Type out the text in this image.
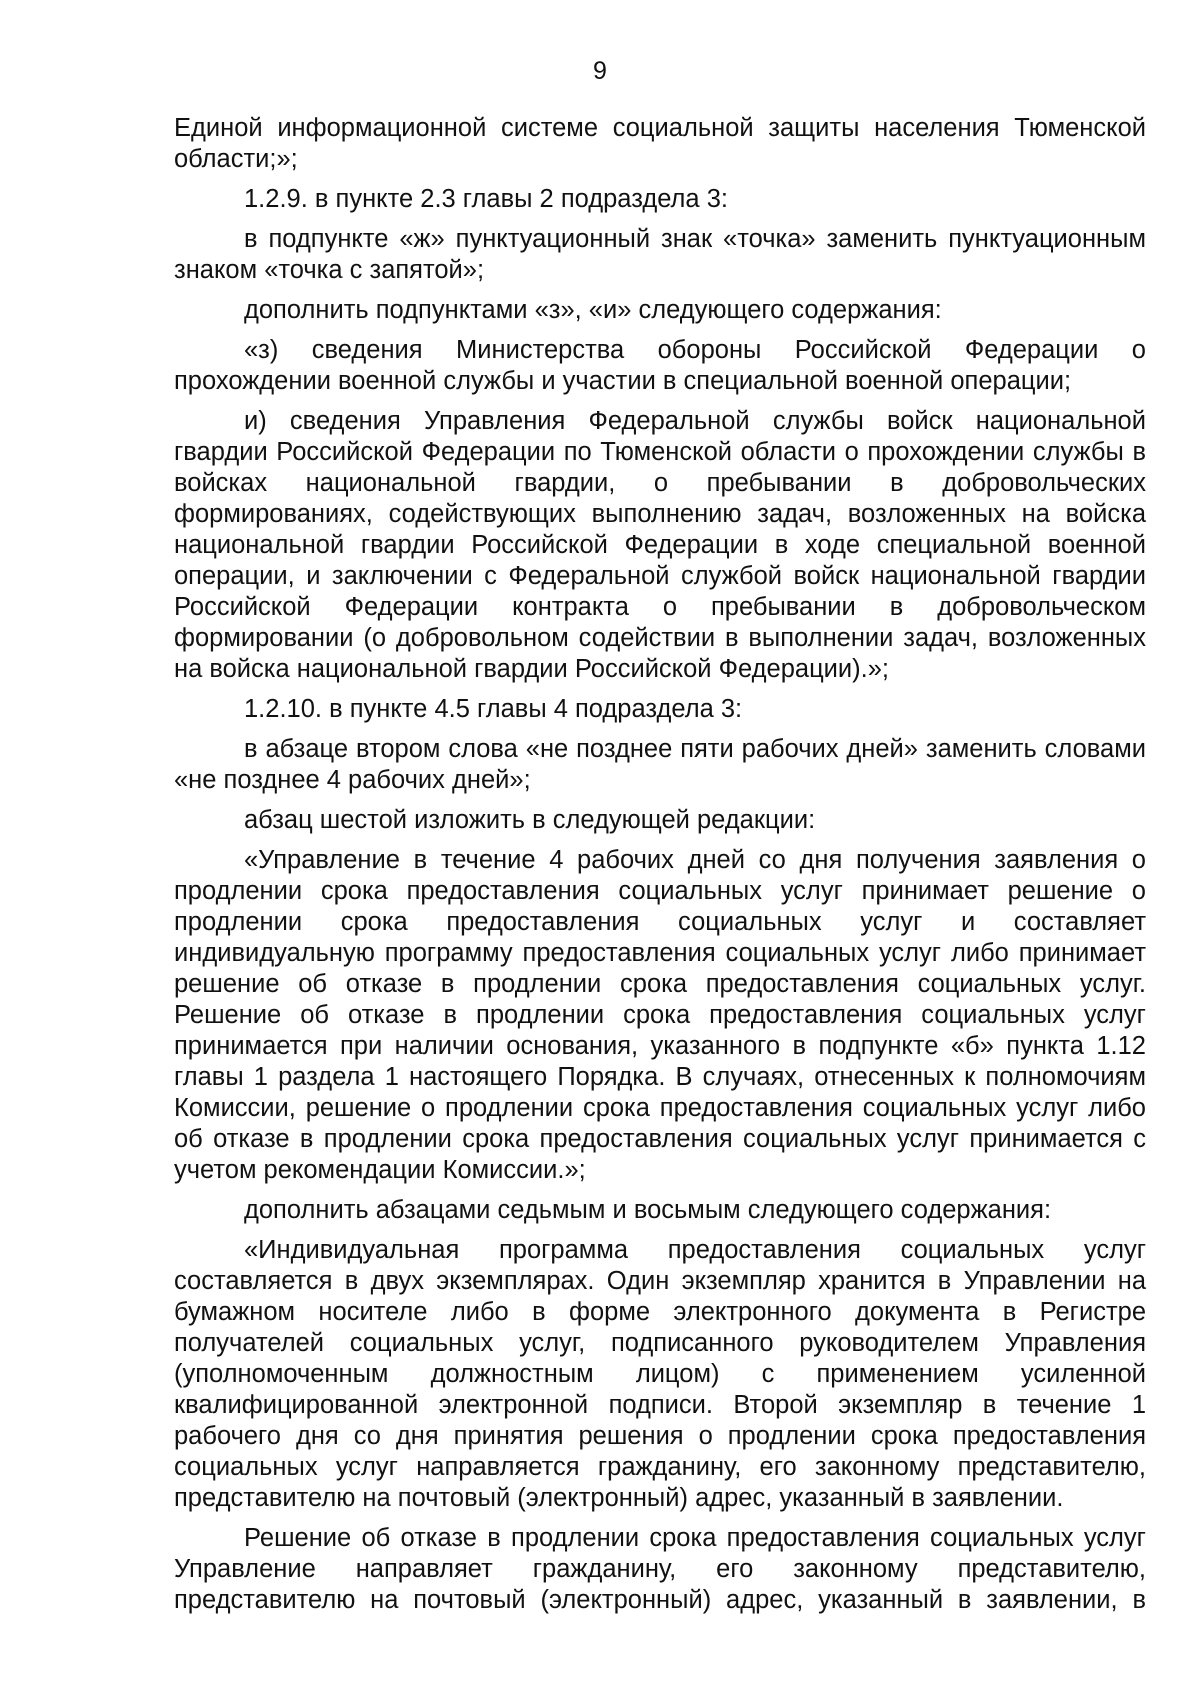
9

Единой информационной системе социальной защиты населения Тюменской области;»;

1.2.9. в пункте 2.3 главы 2 подраздела 3:

в подпункте «ж» пунктуационный знак «точка» заменить пунктуационным знаком «точка с запятой»;

дополнить подпунктами «з», «и» следующего содержания:

«з) сведения Министерства обороны Российской Федерации о прохождении военной службы и участии в специальной военной операции;

и) сведения Управления Федеральной службы войск национальной гвардии Российской Федерации по Тюменской области о прохождении службы в войсках национальной гвардии, о пребывании в добровольческих формированиях, содействующих выполнению задач, возложенных на войска национальной гвардии Российской Федерации в ходе специальной военной операции, и заключении с Федеральной службой войск национальной гвардии Российской Федерации контракта о пребывании в добровольческом формировании (о добровольном содействии в выполнении задач, возложенных на войска национальной гвардии Российской Федерации).»;

1.2.10. в пункте 4.5 главы 4 подраздела 3:

в абзаце втором слова «не позднее пяти рабочих дней» заменить словами «не позднее 4 рабочих дней»;

абзац шестой изложить в следующей редакции:

«Управление в течение 4 рабочих дней со дня получения заявления о продлении срока предоставления социальных услуг принимает решение о продлении срока предоставления социальных услуг и составляет индивидуальную программу предоставления социальных услуг либо принимает решение об отказе в продлении срока предоставления социальных услуг. Решение об отказе в продлении срока предоставления социальных услуг принимается при наличии основания, указанного в подпункте «б» пункта 1.12 главы 1 раздела 1 настоящего Порядка. В случаях, отнесенных к полномочиям Комиссии, решение о продлении срока предоставления социальных услуг либо об отказе в продлении срока предоставления социальных услуг принимается с учетом рекомендации Комиссии.»;

дополнить абзацами седьмым и восьмым следующего содержания:

«Индивидуальная программа предоставления социальных услуг составляется в двух экземплярах. Один экземпляр хранится в Управлении на бумажном носителе либо в форме электронного документа в Регистре получателей социальных услуг, подписанного руководителем Управления (уполномоченным должностным лицом) с применением усиленной квалифицированной электронной подписи. Второй экземпляр в течение 1 рабочего дня со дня принятия решения о продлении срока предоставления социальных услуг направляется гражданину, его законному представителю, представителю на почтовый (электронный) адрес, указанный в заявлении.

Решение об отказе в продлении срока предоставления социальных услуг Управление направляет гражданину, его законному представителю, представителю на почтовый (электронный) адрес, указанный в заявлении, в
